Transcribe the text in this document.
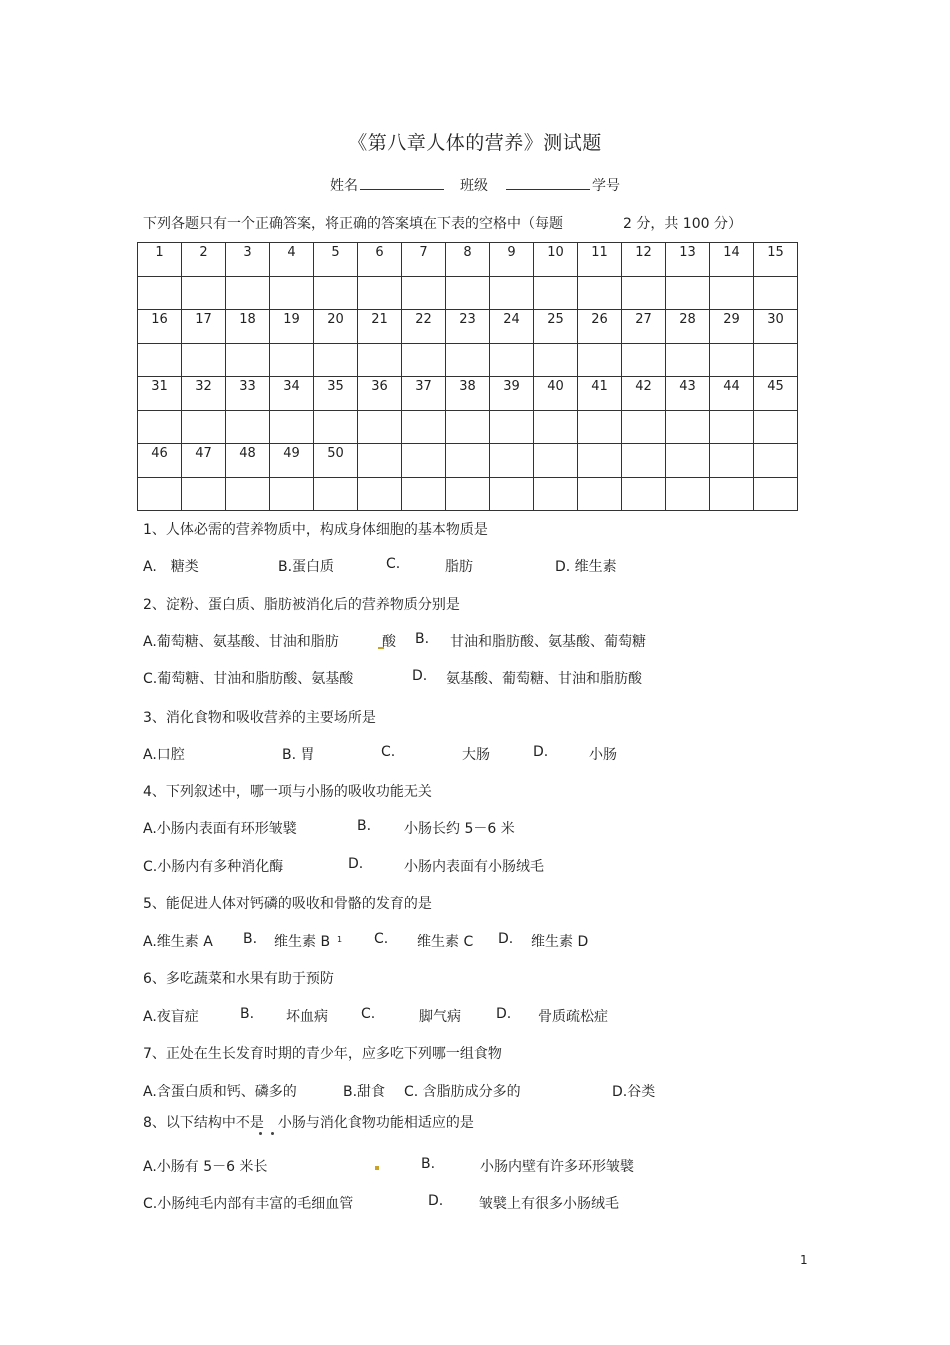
《第八章人体的营养》测试题
姓名	班级	学号
下列各题只有一个正确答案，将正确的答案填在下表的空格中（每题	2 分，共 100 分）
1	2	3	4	5	6	7	8	9	10	11	12	13	14	15

16	17	18	19	20	21	22	23	24	25	26	27	28	29	30

31	32	33	34	35	36	37	38	39	40	41	42	43	44	45

46	47	48	49	50										

1、人体必需的营养物质中，构成身体细胞的基本物质是
A.　糖类	B.蛋白质	C.	脂肪	D. 维生素
2、淀粉、蛋白质、脂肪被消化后的营养物质分别是
A.葡萄糖、氨基酸、甘油和脂肪	酸 B. 甘油和脂肪酸、氨基酸、葡萄糖
C.葡萄糖、甘油和脂肪酸、氨基酸	D. 氨基酸、葡萄糖、甘油和脂肪酸
3、消化食物和吸收营养的主要场所是
A.口腔	B. 胃	C.	大肠	D.	小肠
4、下列叙述中，哪一项与小肠的吸收功能无关
A.小肠内表面有环形皱襞	B. 小肠长约 5－6 米
C.小肠内有多种消化酶	D.	小肠内表面有小肠绒毛
5、能促进人体对钙磷的吸收和骨骼的发育的是
A.维生素 A B. 维生素 B 1 C. 维生素 C D. 维生素 D
6、多吃蔬菜和水果有助于预防
A.夜盲症	B. 坏血病 C.	脚气病	D. 骨质疏松症
7、正处在生长发育时期的青少年，应多吃下列哪一组食物
A.含蛋白质和钙、磷多的	B.甜食 C. 含脂肪成分多的	D.谷类
8、以下结构中不是 小肠与消化食物功能相适应的是
A.小肠有 5－6 米长	B.	小肠内壁有许多环形皱襞
C.小肠纯毛内部有丰富的毛细血管	D.	皱襞上有很多小肠绒毛
1
